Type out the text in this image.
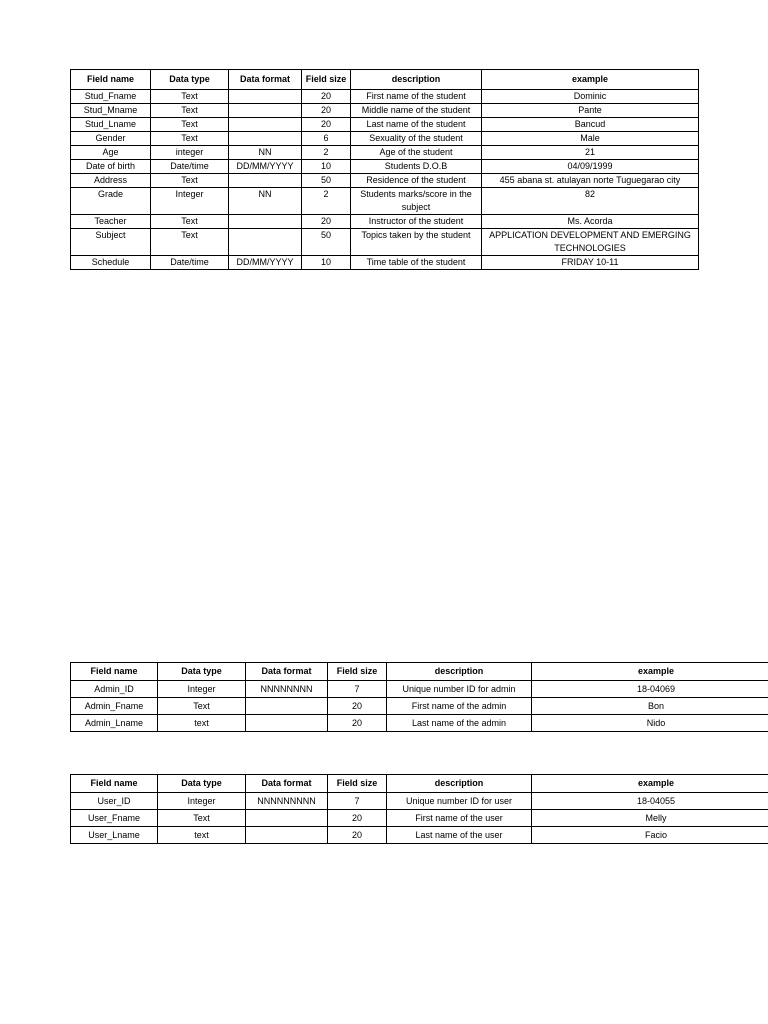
Field name	Data type	Data format	Field size	description	example
Stud_Fname	Text		20	First name of the student	Dominic
Stud_Mname	Text		20	Middle name of the student	Pante
Stud_Lname	Text		20	Last name of the student	Bancud
Gender	Text		6	Sexuality of the student	Male
Age	integer	NN	2	Age of the student	21
Date of birth	Date/time	DD/MM/YYYY	10	Students D.O.B	04/09/1999
Address	Text		50	Residence of the student	455 abana st. atulayan norte Tuguegarao city
Grade	Integer	NN	2	Students marks/score in the subject	82
Teacher	Text		20	Instructor of the student	Ms. Acorda
Subject	Text		50	Topics taken by the student	APPLICATION DEVELOPMENT AND EMERGING TECHNOLOGIES
Schedule	Date/time	DD/MM/YYYY	10	Time table of the student	FRIDAY 10-11
Field name	Data type	Data format	Field size	description	example
Admin_ID	Integer	NNNNNNNN	7	Unique number ID for admin	18-04069
Admin_Fname	Text		20	First name of the admin	Bon
Admin_Lname	text		20	Last name of the admin	Nido
Field name	Data type	Data format	Field size	description	example
User_ID	Integer	NNNNNNNNN	7	Unique number ID for user	18-04055
User_Fname	Text		20	First name of the user	Melly
User_Lname	text		20	Last name of the user	Facio
